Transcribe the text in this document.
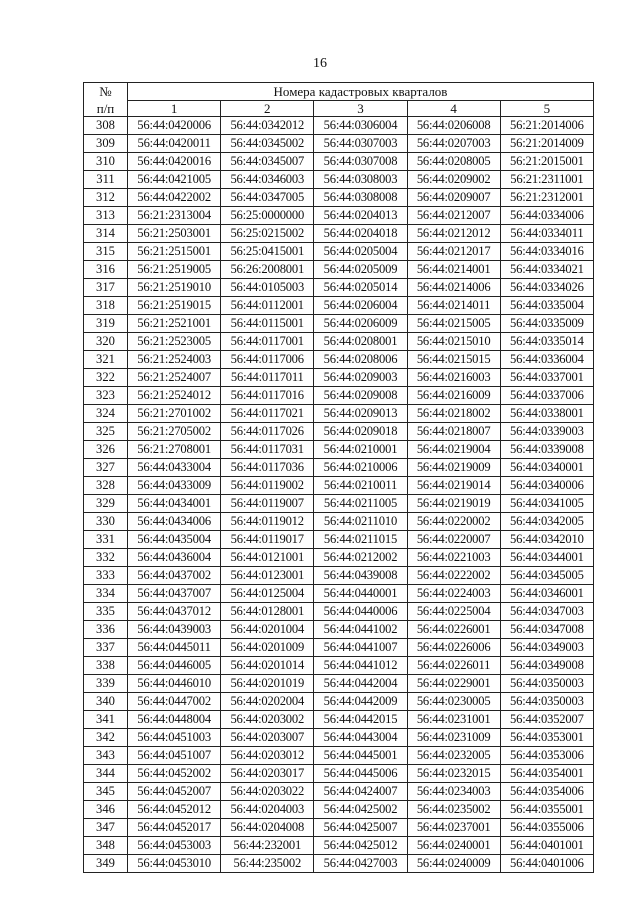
16
№	Номера кадастровых кварталов				
п/п	1	2	3	4	5
308	56:44:0420006	56:44:0342012	56:44:0306004	56:44:0206008	56:21:2014006
309	56:44:0420011	56:44:0345002	56:44:0307003	56:44:0207003	56:21:2014009
310	56:44:0420016	56:44:0345007	56:44:0307008	56:44:0208005	56:21:2015001
311	56:44:0421005	56:44:0346003	56:44:0308003	56:44:0209002	56:21:2311001
312	56:44:0422002	56:44:0347005	56:44:0308008	56:44:0209007	56:21:2312001
313	56:21:2313004	56:25:0000000	56:44:0204013	56:44:0212007	56:44:0334006
314	56:21:2503001	56:25:0215002	56:44:0204018	56:44:0212012	56:44:0334011
315	56:21:2515001	56:25:0415001	56:44:0205004	56:44:0212017	56:44:0334016
316	56:21:2519005	56:26:2008001	56:44:0205009	56:44:0214001	56:44:0334021
317	56:21:2519010	56:44:0105003	56:44:0205014	56:44:0214006	56:44:0334026
318	56:21:2519015	56:44:0112001	56:44:0206004	56:44:0214011	56:44:0335004
319	56:21:2521001	56:44:0115001	56:44:0206009	56:44:0215005	56:44:0335009
320	56:21:2523005	56:44:0117001	56:44:0208001	56:44:0215010	56:44:0335014
321	56:21:2524003	56:44:0117006	56:44:0208006	56:44:0215015	56:44:0336004
322	56:21:2524007	56:44:0117011	56:44:0209003	56:44:0216003	56:44:0337001
323	56:21:2524012	56:44:0117016	56:44:0209008	56:44:0216009	56:44:0337006
324	56:21:2701002	56:44:0117021	56:44:0209013	56:44:0218002	56:44:0338001
325	56:21:2705002	56:44:0117026	56:44:0209018	56:44:0218007	56:44:0339003
326	56:21:2708001	56:44:0117031	56:44:0210001	56:44:0219004	56:44:0339008
327	56:44:0433004	56:44:0117036	56:44:0210006	56:44:0219009	56:44:0340001
328	56:44:0433009	56:44:0119002	56:44:0210011	56:44:0219014	56:44:0340006
329	56:44:0434001	56:44:0119007	56:44:0211005	56:44:0219019	56:44:0341005
330	56:44:0434006	56:44:0119012	56:44:0211010	56:44:0220002	56:44:0342005
331	56:44:0435004	56:44:0119017	56:44:0211015	56:44:0220007	56:44:0342010
332	56:44:0436004	56:44:0121001	56:44:0212002	56:44:0221003	56:44:0344001
333	56:44:0437002	56:44:0123001	56:44:0439008	56:44:0222002	56:44:0345005
334	56:44:0437007	56:44:0125004	56:44:0440001	56:44:0224003	56:44:0346001
335	56:44:0437012	56:44:0128001	56:44:0440006	56:44:0225004	56:44:0347003
336	56:44:0439003	56:44:0201004	56:44:0441002	56:44:0226001	56:44:0347008
337	56:44:0445011	56:44:0201009	56:44:0441007	56:44:0226006	56:44:0349003
338	56:44:0446005	56:44:0201014	56:44:0441012	56:44:0226011	56:44:0349008
339	56:44:0446010	56:44:0201019	56:44:0442004	56:44:0229001	56:44:0350003
340	56:44:0447002	56:44:0202004	56:44:0442009	56:44:0230005	56:44:0350003
341	56:44:0448004	56:44:0203002	56:44:0442015	56:44:0231001	56:44:0352007
342	56:44:0451003	56:44:0203007	56:44:0443004	56:44:0231009	56:44:0353001
343	56:44:0451007	56:44:0203012	56:44:0445001	56:44:0232005	56:44:0353006
344	56:44:0452002	56:44:0203017	56:44:0445006	56:44:0232015	56:44:0354001
345	56:44:0452007	56:44:0203022	56:44:0424007	56:44:0234003	56:44:0354006
346	56:44:0452012	56:44:0204003	56:44:0425002	56:44:0235002	56:44:0355001
347	56:44:0452017	56:44:0204008	56:44:0425007	56:44:0237001	56:44:0355006
348	56:44:0453003	56:44:232001	56:44:0425012	56:44:0240001	56:44:0401001
349	56:44:0453010	56:44:235002	56:44:0427003	56:44:0240009	56:44:0401006
